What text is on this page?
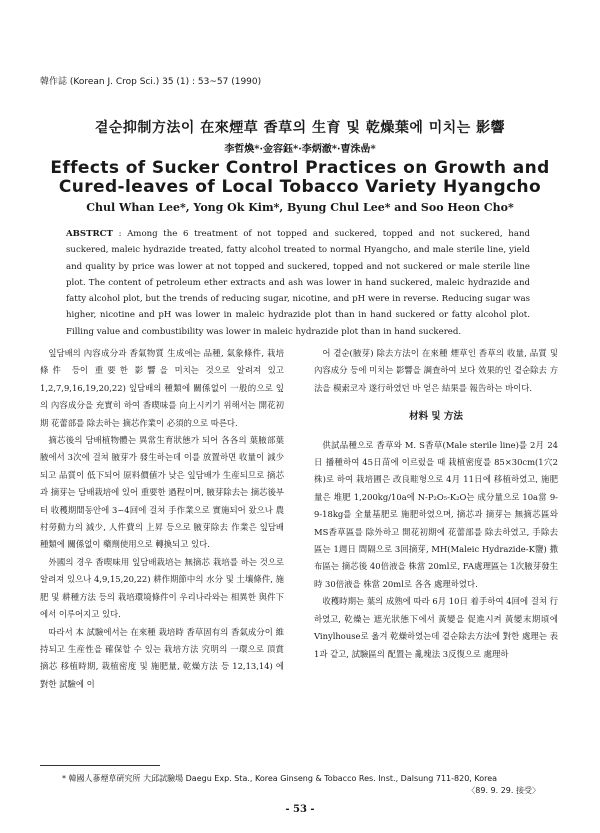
韓作誌 (Korean J. Crop Sci.) 35 (1) : 53~57 (1990)
곁순抑制方法이 在來煙草 香草의 生育 및 乾燥葉에 미치는 影響
李哲煥*·金容鈺*·李炳澈*·曺洙嵒*
Effects of Sucker Control Practices on Growth and
Cured-leaves of Local Tobacco Variety Hyangcho
Chul Whan Lee*, Yong Ok Kim*, Byung Chul Lee* and Soo Heon Cho*
ABSTRCT : Among the 6 treatment of not topped and suckered, topped and not suckered, hand suckered, maleic hydrazide treated, fatty alcohol treated to normal Hyangcho, and male sterile line, yield and quality by price was lower at not topped and suckered, topped and not suckered or male sterile line plot. The content of petroleum ether extracts and ash was lower in hand suckered, maleic hydrazide and fatty alcohol plot, but the trends of reducing sugar, nicotine, and pH were in reverse. Reducing sugar was higher, nicotine and pH was lower in maleic hydrazide plot than in hand suckered or fatty alcohol plot. Filling value and combustibility was lower in maleic hydrazide plot than in hand suckered.

잎담배의 內容成分과 香氣物質 生成에는 品種, 氣象條件, 栽培條件 등이 重要한 影響을 미치는 것으로 알려져 있고 1,2,7,9,16,19,20,22) 잎담배의 種類에 關係없이 一般的으로 잎의 內容成分을 充實히 하여 香喫味를 向上시키기 위해서는 開花初期 花蕾部를 除去하는 摘芯作業이 必須的으로 따른다.

摘芯後의 담배植物體는 異常生育狀態가 되어 各各의 葉腋部葉腋에서 3次에 걸쳐 腋芽가 發生하는데 이를 放置하면 收量이 減少되고 品質이 低下되어 原料價値가 낮은 잎담배가 生産되므로 摘芯과 摘芽는 담배栽培에 있어 重要한 過程이며, 腋芽除去는 摘芯後부터 收穫期間동안에 3~4回에 걸쳐 手作業으로 實施되어 왔으나 農村勞動力의 減少, 人件費의 上昇 등으로 腋芽除去 作業은 잎담배 種類에 關係없이 藥劑使用으로 轉換되고 있다.

外國의 경우 香喫味用 잎담배栽培는 無摘芯 栽培를 하는 것으로 알려져 있으나 4,9,15,20,22) 耕作期節中의 水分 및 土壤條件, 施肥 및 耕種方法 등의 栽培環境條件이 우리나라와는 相異한 與件下에서 이루어지고 있다.

따라서 本 試驗에서는 在來種 栽培時 香草固有의 香氣成分이 維持되고 生産性을 確保할 수 있는 栽培方法 究明의 一環으로 頂賞摘芯 移植時期, 栽植密度 및 施肥量, 乾燥方法 등 12,13,14) 에 對한 試驗에 이

어 곁순(腋芽) 除去方法이 在來種 煙草인 香草의 收量, 品質 및 內容成分 등에 미치는 影響을 調査하여 보다 效果的인 곁순除去 方法을 模索코자 遂行하였던 바 얻은 結果를 報告하는 바이다.

材料 및 方法

供試品種으로 香草와 M. S香草(Male sterile line)를 2月 24日 播種하여 45日苗에 이르렀을 때 栽植密度를 85×30cm(1穴2株)로 하여 栽培圃은 改良畦형으로 4月 11日에 移植하였고, 施肥量은 堆肥 1,200kg/10a에 N-P₂O₅-K₂O는 成分量으로 10a當 9-9-18kg를 全量基肥로 施肥하였으며, 摘芯과 摘芽는 無摘芯區와 MS香草區를 除外하고 開花初期에 花蕾部를 除去하였고, 手除去區는 1週日 間隔으로 3回摘芽, MH(Maleic Hydrazide-K鹽) 撒布區는 摘芯後 40倍液을 株當 20ml로, FA處理區는 1次腋芽發生時 30倍液을 株當 20ml로 各各 處理하였다.

收穫時期는 葉의 成熟에 따라 6月 10日 着手하여 4回에 걸쳐 行하였고, 乾燥는 遮光狀態下에서 黃變을 促進시켜 黃變末期頃에 Vinylhouse로 옮겨 乾燥하였는데 곁순除去方法에 對한 處理는 表 1과 같고, 試驗區의 配置는 亂塊法 3反復으로 處理하

* 韓國人蔘煙草硏究所 大邱試驗場 Daegu Exp. Sta., Korea Ginseng & Tobacco Res. Inst., Dalsung 711-820, Korea
〈89. 9. 29. 接受〉
- 53 -
